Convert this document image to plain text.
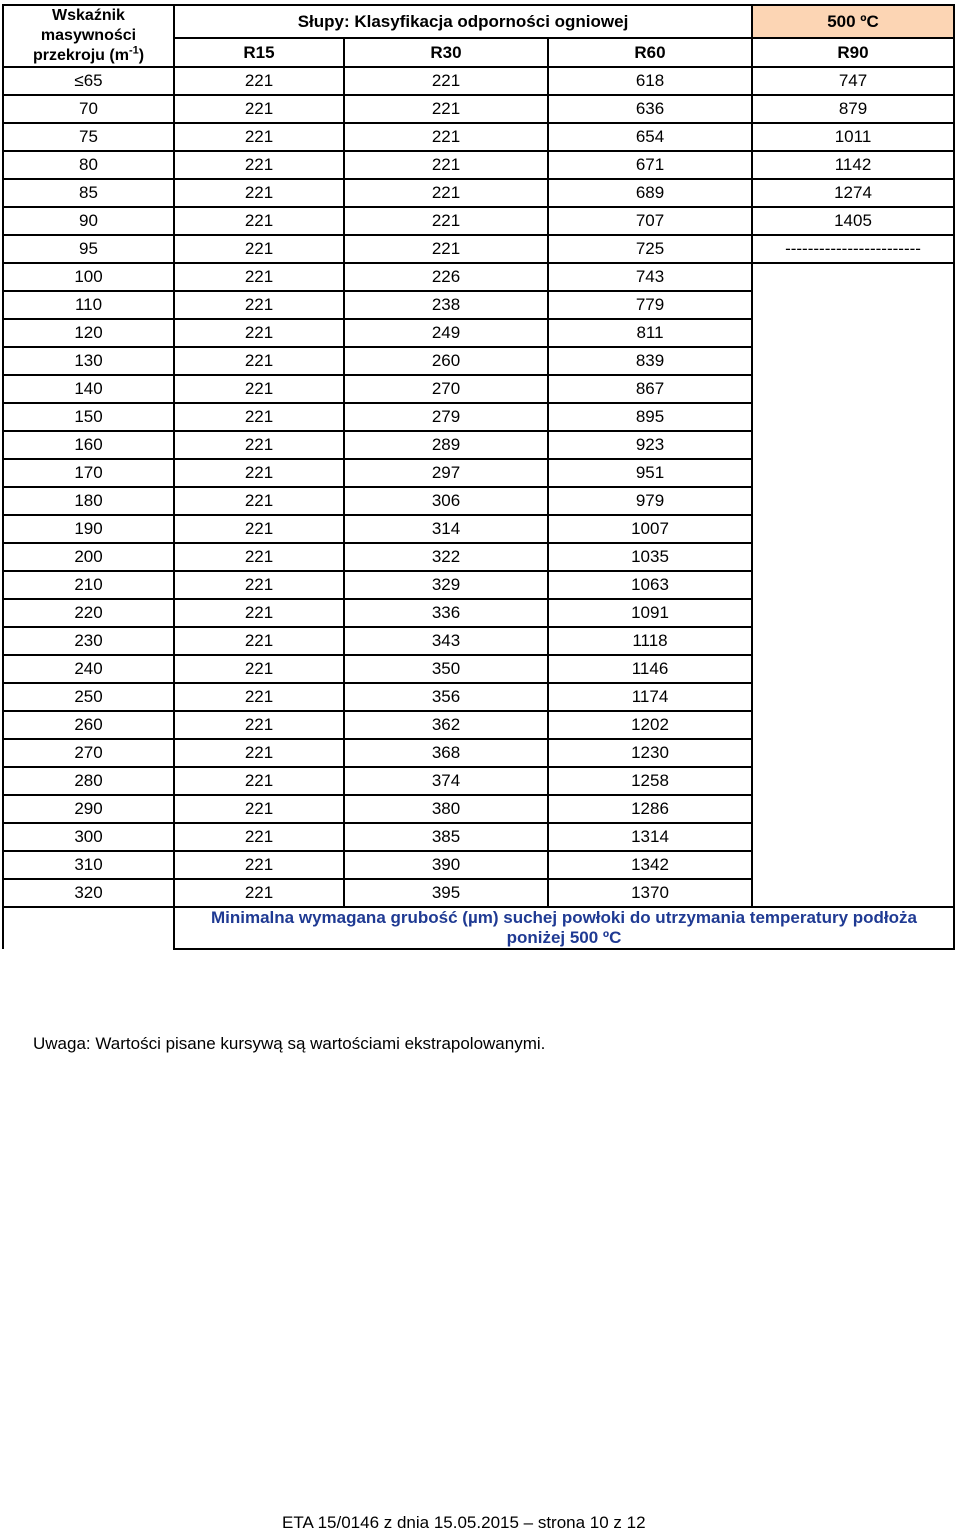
Wskaźnik
masywności
przekroju $(m^{-1})$	Słupy: Klasyfikacja odporności ogniowej			500 ºC
	R15	R30	R60	R90
≤65	221	221	618	747
70	221	221	636	879
75	221	221	654	1011
80	221	221	671	1142
85	221	221	689	1274
90	221	221	707	1405
95	221	221	725	------------------------
100	221	226	743	
110	221	238	779	
120	221	249	811	
130	221	260	839	
140	221	270	867	
150	221	279	895	
160	221	289	923	
170	221	297	951	
180	221	306	979	
190	221	314	1007	
200	221	322	1035	
210	221	329	1063	
220	221	336	1091	
230	221	343	1118	
240	221	350	1146	
250	221	356	1174	
260	221	362	1202	
270	221	368	1230	
280	221	374	1258	
290	221	380	1286	
300	221	385	1314	
310	221	390	1342	
320	221	395	1370	
	Minimalna wymagana grubość (µm) suchej powłoki do utrzymania temperatury podłoża
poniżej 500 ºC			
Uwaga: Wartości pisane kursywą są wartościami ekstrapolowanymi.
ETA 15/0146 z dnia 15.05.2015 – strona 10 z 12
